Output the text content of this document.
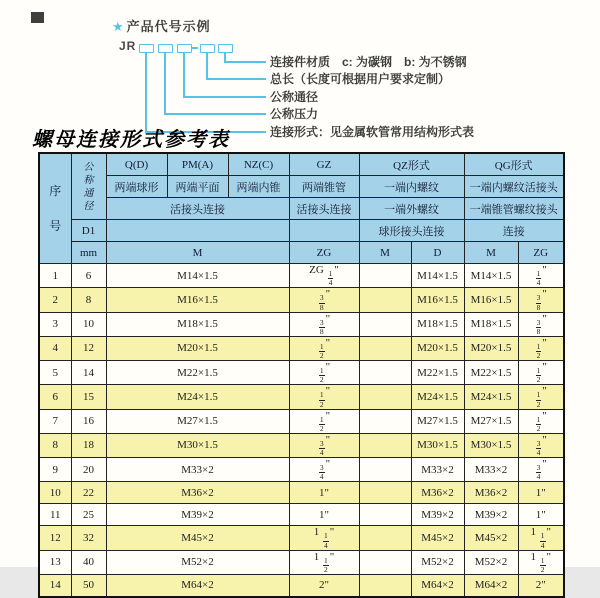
★ 产品代号示例
JR
连接件材质　c: 为碳钢　b: 为不锈钢
总长（长度可根据用户要求定制）
公称通径
公称压力
连接形式：见金属软管常用结构形式表
螺母连接形式参考表
序号	公称通径	Q(D)	PM(A)	NZ(C)	GZ	QZ形式		QG形式	
		两端球形	两端平面	两端内锥	两端锥管	一端内螺纹		一端内螺纹活接头	
		活接头连接			活接头连接	一端外螺纹		一端锥管螺纹接头	
	D1					球形接头连接		连接	
	mm	M			ZG	M	D	M	ZG
1	6	M14×1.5			ZG $\frac{1}{4}$ "		M14×1.5	M14×1.5	$\frac{1}{4}$ "
2	8	M16×1.5			$\frac{3}{8}$ "		M16×1.5	M16×1.5	$\frac{3}{8}$ "
3	10	M18×1.5			$\frac{3}{8}$ "		M18×1.5	M18×1.5	$\frac{3}{8}$ "
4	12	M20×1.5			$\frac{1}{2}$ "		M20×1.5	M20×1.5	$\frac{1}{2}$ "
5	14	M22×1.5			$\frac{1}{2}$ "		M22×1.5	M22×1.5	$\frac{1}{2}$ "
6	15	M24×1.5			$\frac{1}{2}$ "		M24×1.5	M24×1.5	$\frac{1}{2}$ "
7	16	M27×1.5			$\frac{1}{2}$ "		M27×1.5	M27×1.5	$\frac{1}{2}$ "
8	18	M30×1.5			$\frac{3}{4}$ "		M30×1.5	M30×1.5	$\frac{3}{4}$ "
9	20	M33×2			$\frac{3}{4}$ "		M33×2	M33×2	$\frac{3}{4}$ "
10	22	M36×2			1"		M36×2	M36×2	1"
11	25	M39×2			1"		M39×2	M39×2	1"
12	32	M45×2			$1 \frac{1}{4}$ "		M45×2	M45×2	$1 \frac{1}{4}$ "
13	40	M52×2			$1 \frac{1}{2}$ "		M52×2	M52×2	$1 \frac{1}{2}$ "
14	50	M64×2			2"		M64×2	M64×2	2"
